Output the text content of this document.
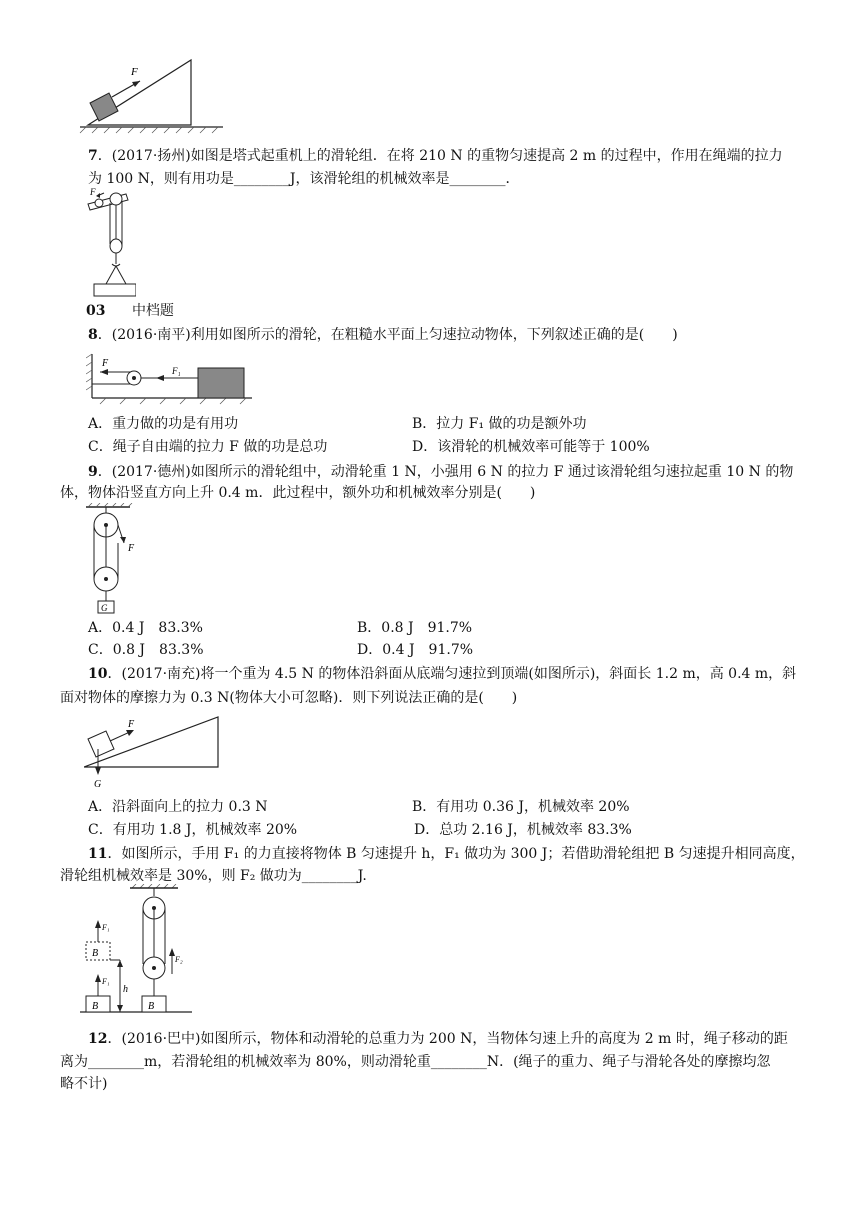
F
7．(2017·扬州)如图是塔式起重机上的滑轮组．在将 210 N 的重物匀速提高 2 m 的过程中，作用在绳端的拉力
为 100 N，则有用功是________J，该滑轮组的机械效率是________．
F
03 中档题
8．(2016·南平)利用如图所示的滑轮，在粗糙水平面上匀速拉动物体，下列叙述正确的是(　　)
F
F₁
A．重力做的功是有用功	B．拉力 F₁ 做的功是额外功
C．绳子自由端的拉力 F 做的功是总功	D．该滑轮的机械效率可能等于 100%
9．(2017·德州)如图所示的滑轮组中，动滑轮重 1 N，小强用 6 N 的拉力 F 通过该滑轮组匀速拉起重 10 N 的物
体，物体沿竖直方向上升 0.4 m．此过程中，额外功和机械效率分别是(　　)
F
G
A．0.4 J　83.3%	B．0.8 J　91.7%
C．0.8 J　83.3%	D．0.4 J　91.7%
10．(2017·南充)将一个重为 4.5 N 的物体沿斜面从底端匀速拉到顶端(如图所示)，斜面长 1.2 m，高 0.4 m，斜
面对物体的摩擦力为 0.3 N(物体大小可忽略)．则下列说法正确的是(　　)
F
G
A．沿斜面向上的拉力 0.3 N	B．有用功 0.36 J，机械效率 20%
C．有用功 1.8 J，机械效率 20%	D．总功 2.16 J，机械效率 83.3%
11．如图所示，手用 F₁ 的力直接将物体 B 匀速提升 h，F₁ 做功为 300 J；若借助滑轮组把 B 匀速提升相同高度，
滑轮组机械效率是 30%，则 F₂ 做功为________J.
B
F₁
B
F₁
h
F₂
B
12．(2016·巴中)如图所示，物体和动滑轮的总重力为 200 N，当物体匀速上升的高度为 2 m 时，绳子移动的距
离为________m，若滑轮组的机械效率为 80%，则动滑轮重________N．(绳子的重力、绳子与滑轮各处的摩擦均忽
略不计)
